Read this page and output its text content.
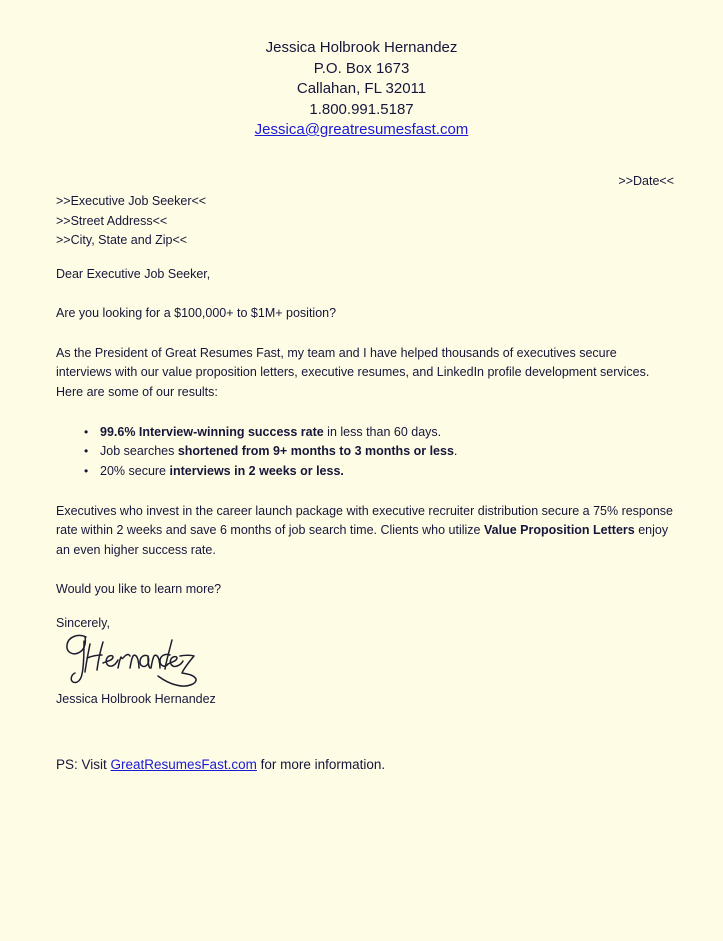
Jessica Holbrook Hernandez
P.O. Box 1673
Callahan, FL 32011
1.800.991.5187
Jessica@greatresumesfast.com
>>Date<<
>>Executive Job Seeker<<
>>Street Address<<
>>City, State and Zip<<

Dear Executive Job Seeker,

Are you looking for a $100,000+ to $1M+ position?

As the President of Great Resumes Fast, my team and I have helped thousands of executives secure interviews with our value proposition letters, executive resumes, and LinkedIn profile development services. Here are some of our results:

• 99.6% Interview-winning success rate in less than 60 days.
• Job searches shortened from 9+ months to 3 months or less.
• 20% secure interviews in 2 weeks or less.

Executives who invest in the career launch package with executive recruiter distribution secure a 75% response rate within 2 weeks and save 6 months of job search time. Clients who utilize Value Proposition Letters enjoy an even higher success rate.

Would you like to learn more?

Sincerely,
Jessica Holbrook Hernandez
PS: Visit GreatResumesFast.com for more information.
